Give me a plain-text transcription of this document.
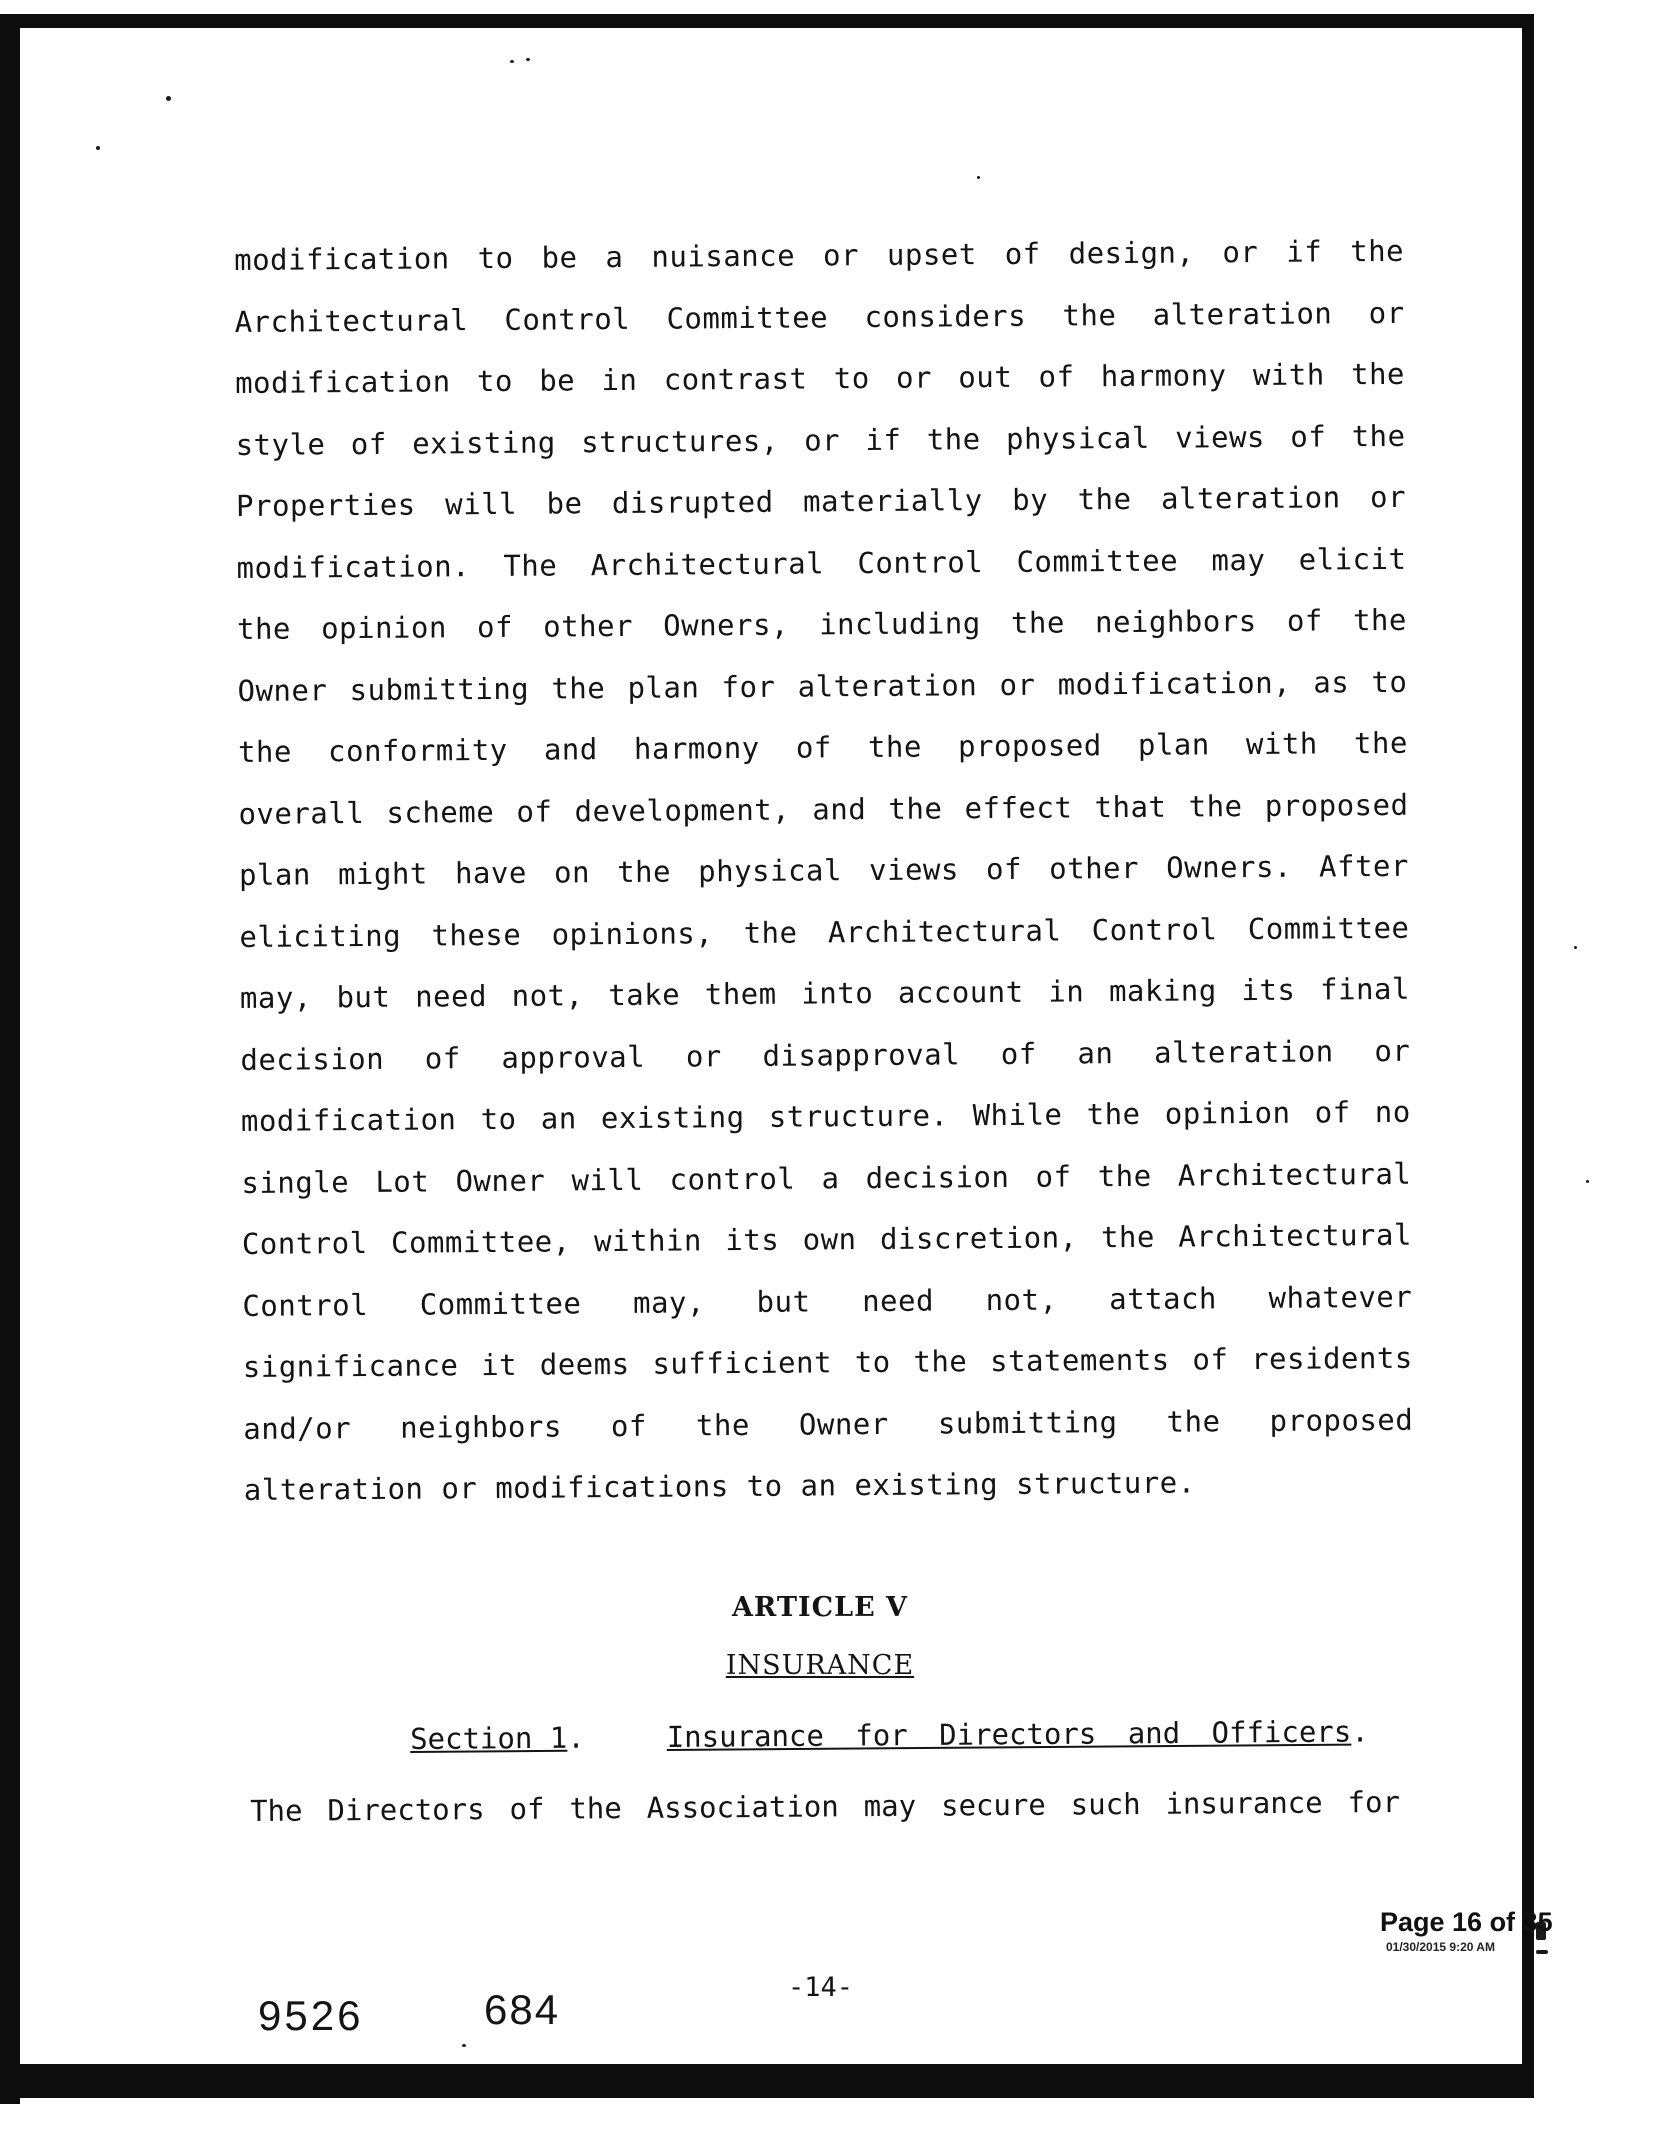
modification to be a nuisance or upset of design, or if the
Architectural Control Committee considers the alteration or
modification to be in contrast to or out of harmony with the
style of existing structures, or if the physical views of the
Properties will be disrupted materially by the alteration or
modification. The Architectural Control Committee may elicit
the opinion of other Owners, including the neighbors of the
Owner submitting the plan for alteration or modification, as to
the conformity and harmony of the proposed plan with the
overall scheme of development, and the effect that the proposed
plan might have on the physical views of other Owners. After
eliciting these opinions, the Architectural Control Committee
may, but need not, take them into account in making its final
decision of approval or disapproval of an alteration or
modification to an existing structure. While the opinion of no
single Lot Owner will control a decision of the Architectural
Control Committee, within its own discretion, the Architectural
Control Committee may, but need not, attach whatever
significance it deems sufficient to the statements of residents
and/or neighbors of the Owner submitting the proposed
alteration or modifications to an existing structure.
ARTICLE V
INSURANCE
Section 1.	Insurance for Directors and Officers.
The Directors of the Association may secure such insurance for
Page 16 of 35
01/30/2015 9:20 AM
-14-
9526	684
